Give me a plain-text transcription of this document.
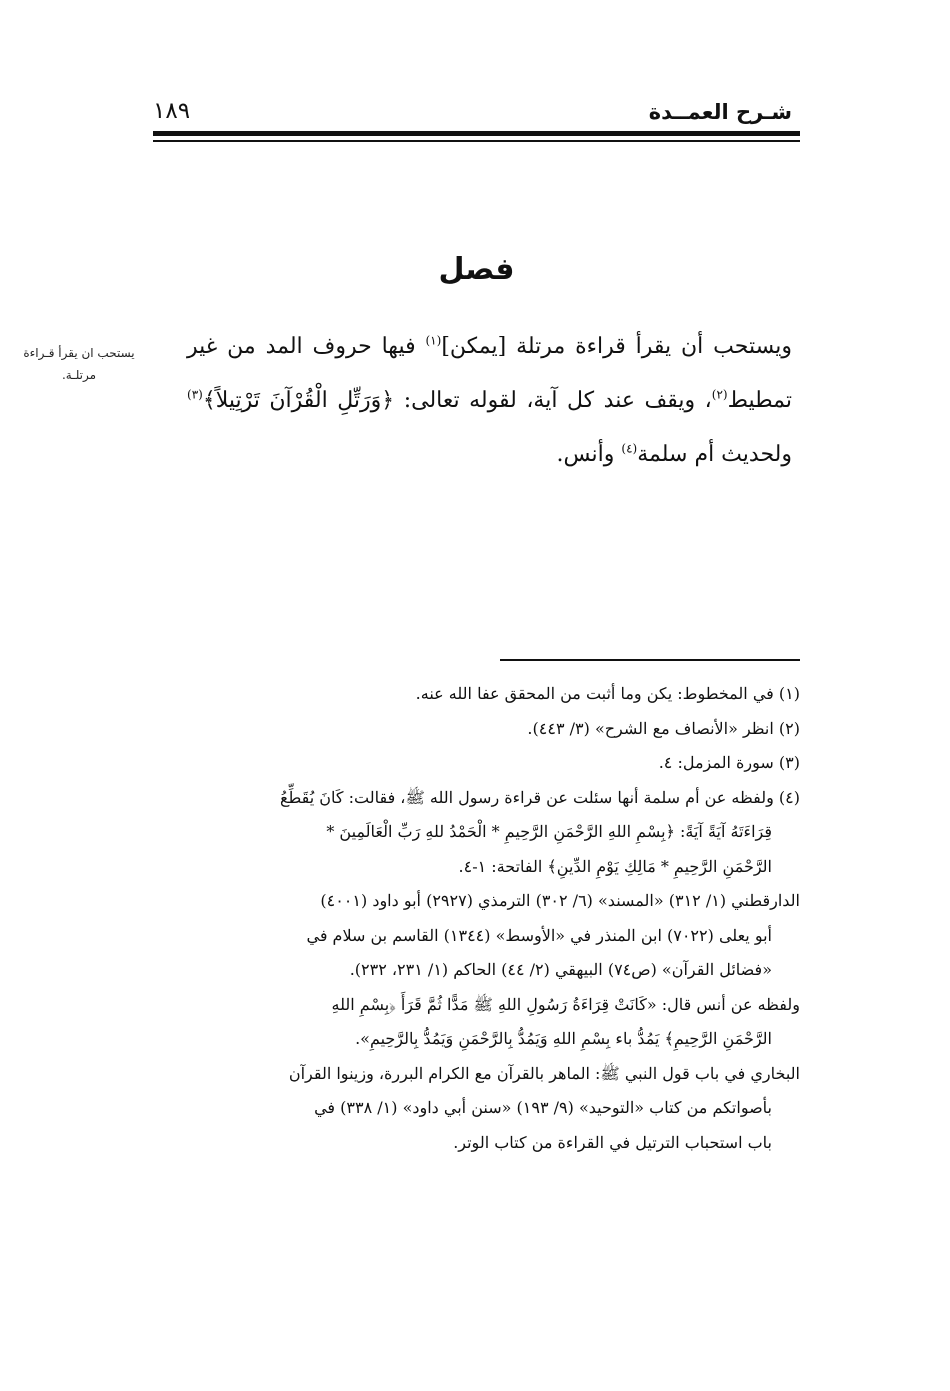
شـرح العمــدة
١٨٩
فصل
ويستحب أن يقرأ قراءة مرتلة [يمكن]$^{(١)}$ فيها حروف المد من غير تمطيط$^{(٢)}$، ويقف عند كل آية، لقوله تعالى: ﴿وَرَتِّلِ الْقُرْآنَ تَرْتِيلاً﴾$^{(٣)}$ ولحديث أم سلمة$^{(٤)}$ وأنس.
يستحب ان يقرأ قـراءة مرتلـة.
(١) في المخطوط: يكن وما أثبت من المحقق عفا الله عنه.
(٢) انظر «الأنصاف مع الشرح» (٣/ ٤٤٣).
(٣) سورة المزمل: ٤.
(٤) ولفظه عن أم سلمة أنها سئلت عن قراءة رسول الله ﷺ، فقالت: كَانَ يُقَطِّعُ
قِرَاءَتَهُ آيَةً آيَةً: ﴿بِسْمِ اللهِ الرَّحْمَنِ الرَّحِيمِ * الْحَمْدُ للهِ رَبِّ الْعَالَمِينَ *
الرَّحْمَنِ الرَّحِيمِ * مَالِكِ يَوْمِ الدِّينِ﴾ الفاتحة: ١-٤.
الدارقطني (١/ ٣١٢) «المسند» (٦/ ٣٠٢) الترمذي (٢٩٢٧) أبو داود (٤٠٠١)
أبو يعلى (٧٠٢٢) ابن المنذر في «الأوسط» (١٣٤٤) القاسم بن سلام في
«فضائل القرآن» (ص٧٤) البيهقي (٢/ ٤٤) الحاكم (١/ ٢٣١، ٢٣٢).
ولفظه عن أنس قال: «كَانَتْ قِرَاءَةُ رَسُولِ اللهِ ﷺ مَدًّا ثُمَّ قَرَأَ ﴿بِسْمِ اللهِ
الرَّحْمَنِ الرَّحِيمِ﴾ يَمُدُّ باء بِسْمِ اللهِ وَيَمُدُّ بِالرَّحْمَنِ وَيَمُدُّ بِالرَّحِيمِ».
البخاري في باب قول النبي ﷺ: الماهر بالقرآن مع الكرام البررة، وزينوا القرآن
بأصواتكم من كتاب «التوحيد» (٩/ ١٩٣) «سنن أبي داود» (١/ ٣٣٨) في
باب استحباب الترتيل في القراءة من كتاب الوتر.
